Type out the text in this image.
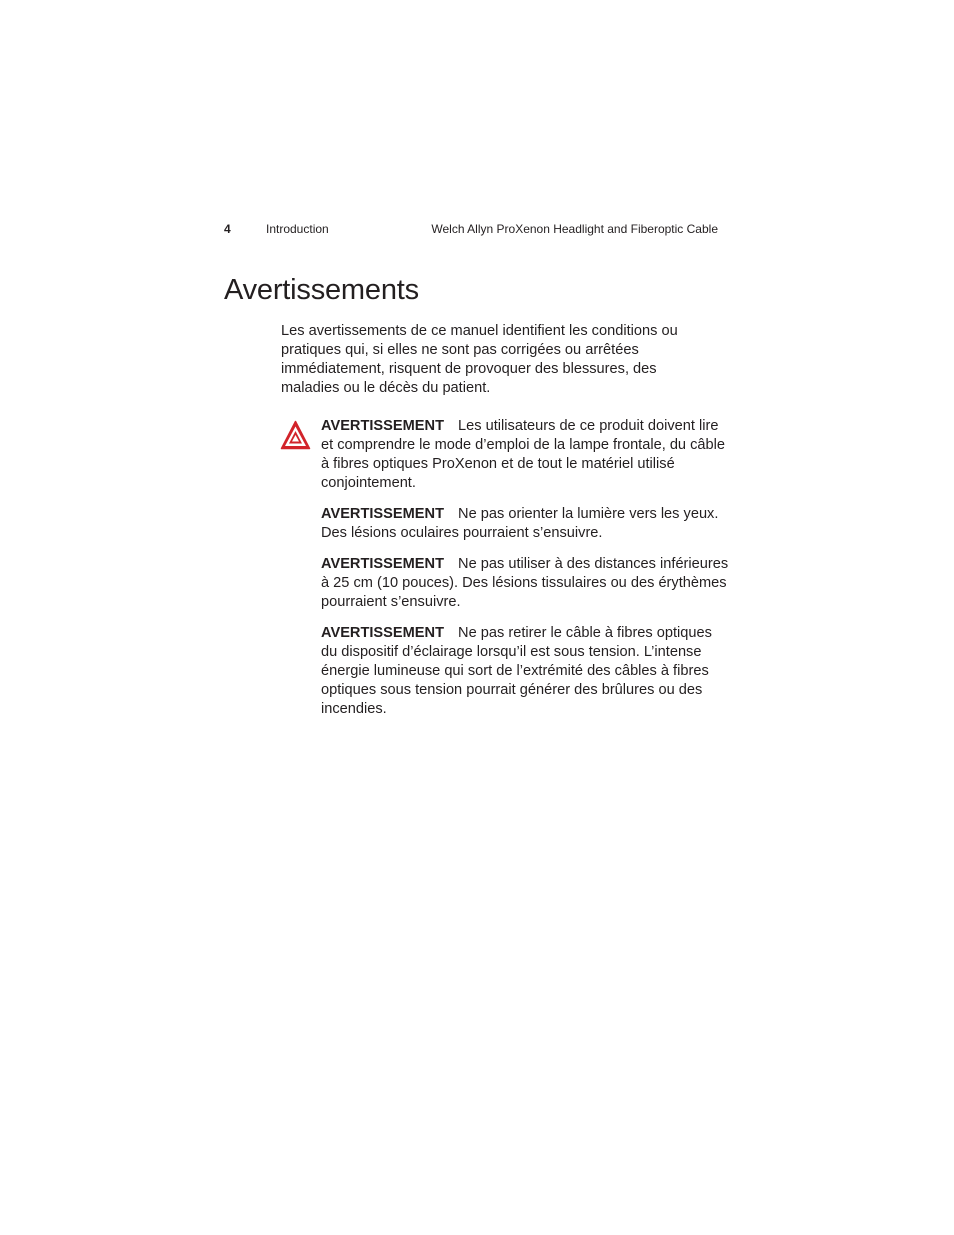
4	Introduction	Welch Allyn ProXenon Headlight and Fiberoptic Cable
Avertissements

Les avertissements de ce manuel identifient les conditions ou pratiques qui, si elles ne sont pas corrigées ou arrêtées immédiatement, risquent de provoquer des blessures, des maladies ou le décès du patient.

AVERTISSEMENT Les utilisateurs de ce produit doivent lire et comprendre le mode d’emploi de la lampe frontale, du câble à fibres optiques ProXenon et de tout le matériel utilisé conjointement.

AVERTISSEMENT Ne pas orienter la lumière vers les yeux. Des lésions oculaires pourraient s’ensuivre.

AVERTISSEMENT Ne pas utiliser à des distances inférieures à 25 cm (10 pouces). Des lésions tissulaires ou des érythèmes pourraient s’ensuivre.

AVERTISSEMENT Ne pas retirer le câble à fibres optiques du dispositif d’éclairage lorsqu’il est sous tension. L’intense énergie lumineuse qui sort de l’extrémité des câbles à fibres optiques sous tension pourrait générer des brûlures ou des incendies.
